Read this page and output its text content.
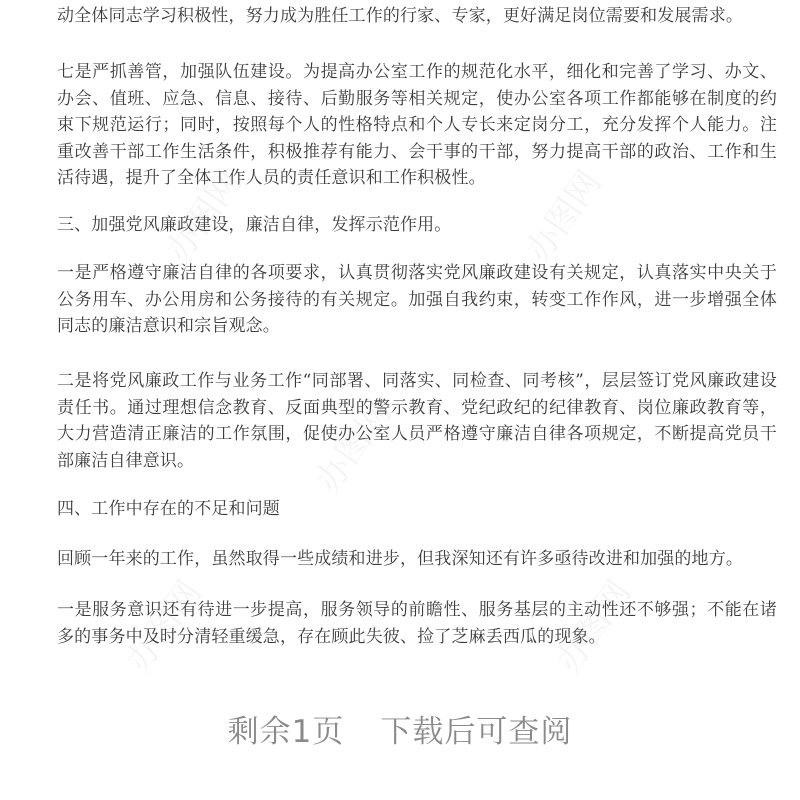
动全体同志学习积极性，努力成为胜任工作的行家、专家，更好满足岗位需要和发展需求。

七是严抓善管，加强队伍建设。为提高办公室工作的规范化水平，细化和完善了学习、办文、办会、值班、应急、信息、接待、后勤服务等相关规定，使办公室各项工作都能够在制度的约束下规范运行；同时，按照每个人的性格特点和个人专长来定岗分工，充分发挥个人能力。注重改善干部工作生活条件，积极推荐有能力、会干事的干部，努力提高干部的政治、工作和生活待遇，提升了全体工作人员的责任意识和工作积极性。

三、加强党风廉政建设，廉洁自律，发挥示范作用。

一是严格遵守廉洁自律的各项要求，认真贯彻落实党风廉政建设有关规定，认真落实中央关于公务用车、办公用房和公务接待的有关规定。加强自我约束，转变工作作风，进一步增强全体同志的廉洁意识和宗旨观念。

二是将党风廉政工作与业务工作“同部署、同落实、同检查、同考核”，层层签订党风廉政建设责任书。通过理想信念教育、反面典型的警示教育、党纪政纪的纪律教育、岗位廉政教育等，大力营造清正廉洁的工作氛围，促使办公室人员严格遵守廉洁自律各项规定，不断提高党员干部廉洁自律意识。

四、工作中存在的不足和问题

回顾一年来的工作，虽然取得一些成绩和进步，但我深知还有许多亟待改进和加强的地方。

一是服务意识还有待进一步提高，服务领导的前瞻性、服务基层的主动性还不够强；不能在诸多的事务中及时分清轻重缓急，存在顾此失彼、捡了芝麻丢西瓜的现象。

剩余1页 下载后可查阅
